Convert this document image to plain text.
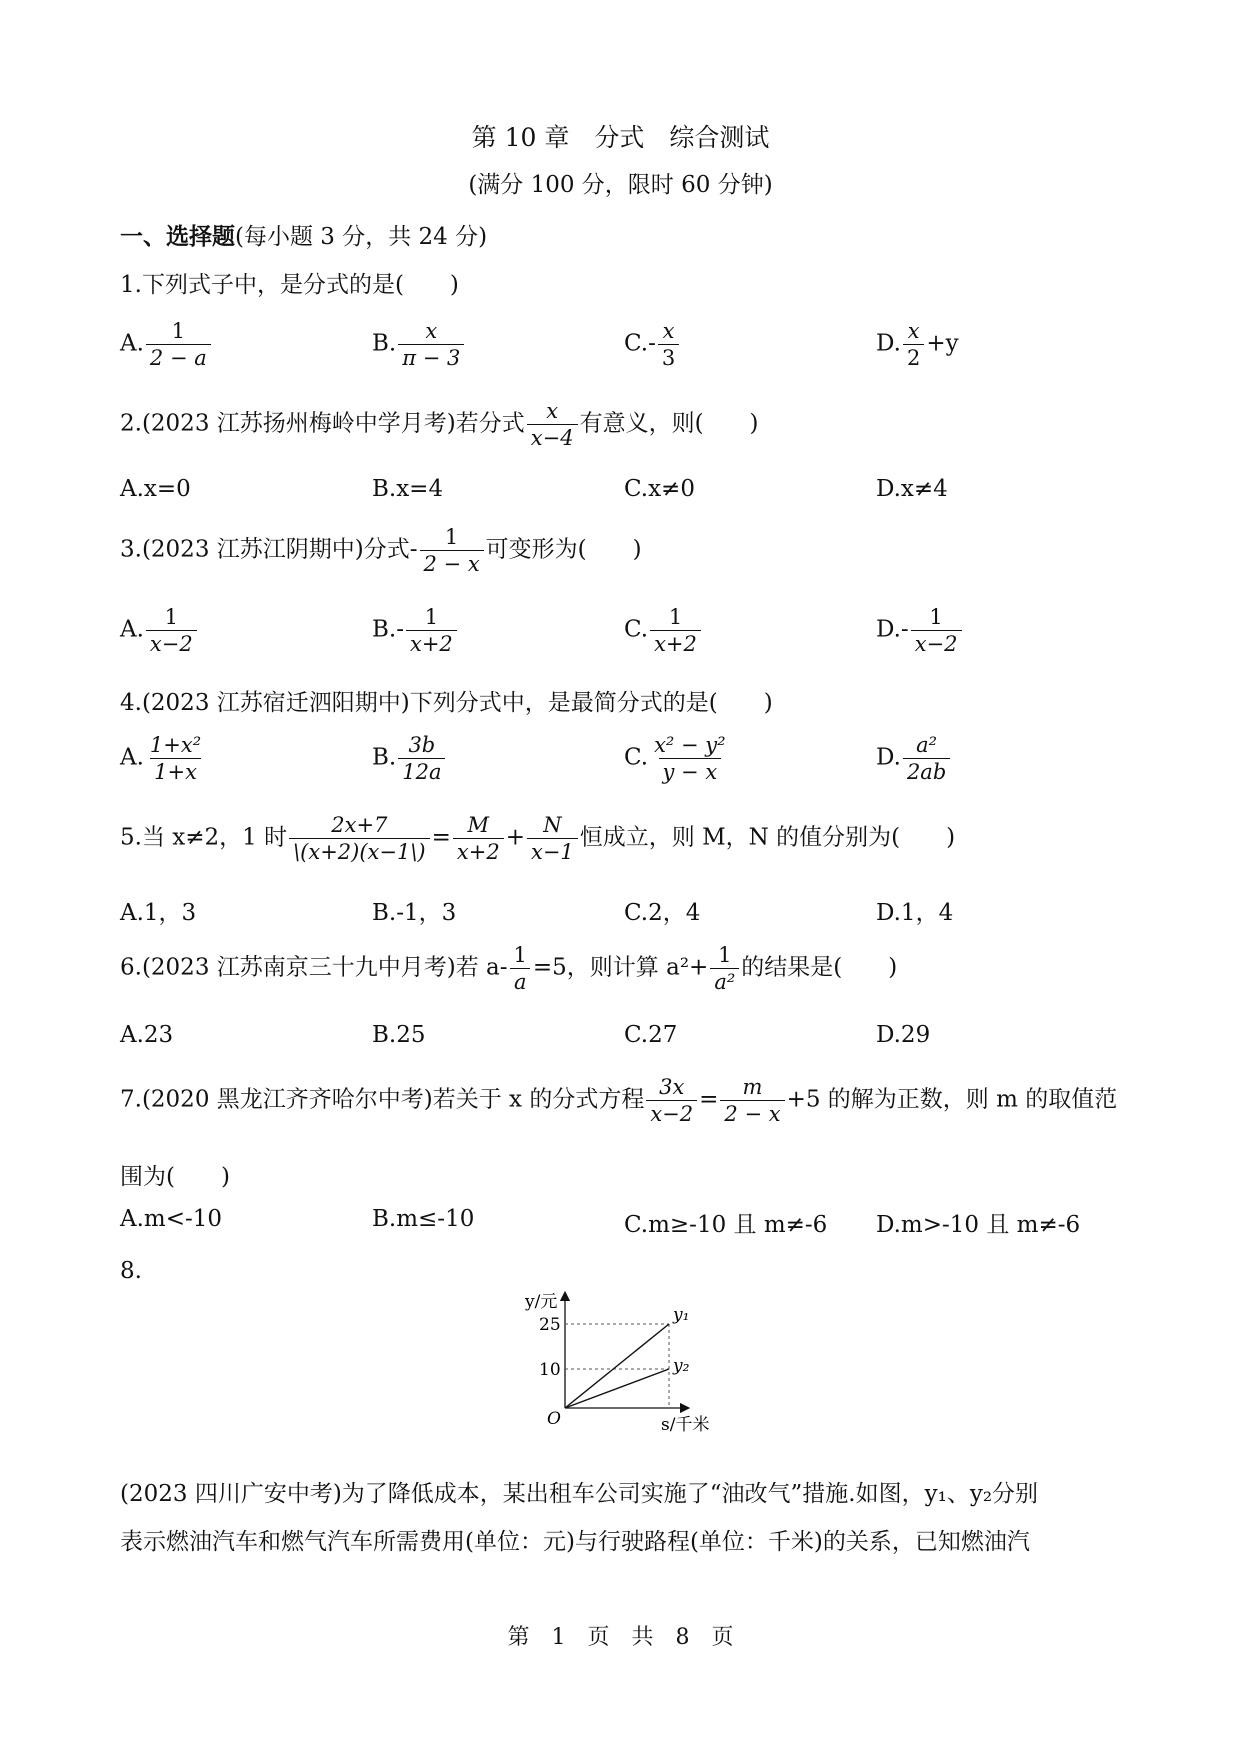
第 10 章　分式　综合测试
(满分 100 分，限时 60 分钟)
一、选择题(每小题 3 分，共 24 分)
1.下列式子中，是分式的是(　　)
A. $\frac{1}{2 - a}$	B. $\frac{x}{\pi - 3}$	$C.- \frac{x}{3}$	D. $\frac{x}{2} +y$
2.(2023 江苏扬州梅岭中学月考)若分式 $\frac{x}{x-4}$ 有意义，则(　　)
A.x=0	B.x=4	C.x≠0	D.x≠4
3.(2023 江苏江阴期中)分式- $\frac{1}{2 - x}$ 可变形为(　　)
A. $\frac{1}{x-2}$	$B.- \frac{1}{x+2}$	C. $\frac{1}{x+2}$	$D.- \frac{1}{x-2}$
4.(2023 江苏宿迁泗阳期中)下列分式中，是最简分式的是(　　)
A. $\frac{\text{1+x²}}{1+x}$	B. $\frac{3b}{12a}$	C. $\frac{\text{x² − y²}}{y - x}$	D. $\frac{\text{a²}}{2ab}$
5.当 x≠2，1 时 $\frac{2x+7}{\backslash(x+2)(x-1\backslash)} = \frac{M}{x+2} + \frac{N}{x-1}$ 恒成立，则 M，N 的值分别为(　　)
A.1，3	B.-1，3	C.2，4	D.1，4
6.(2023 江苏南京三十九中月考)若 $a- \frac{1}{a} =5$，则计算 $a^2+ \frac{1}{\text{a²}}$ 的结果是(　　)
A.23	B.25	C.27	D.29
7.(2020 黑龙江齐齐哈尔中考)若关于 x 的分式方程 $\frac{3x}{x-2} = \frac{m}{2 - x} +5$ 的解为正数，则 m 的取值范
围为(　　)
A.m<-10	B.m≤-10	C.m≥-10 且 m≠-6 D.m>-10 且 m≠-6
8.
y/元
25
10
O	s/千米
y₁
y₂
(2023 四川广安中考)为了降低成本，某出租车公司实施了“油改气”措施.如图，y₁、y₂分别
表示燃油汽车和燃气汽车所需费用(单位：元)与行驶路程(单位：千米)的关系，已知燃油汽
第　1　页　共　8　页
